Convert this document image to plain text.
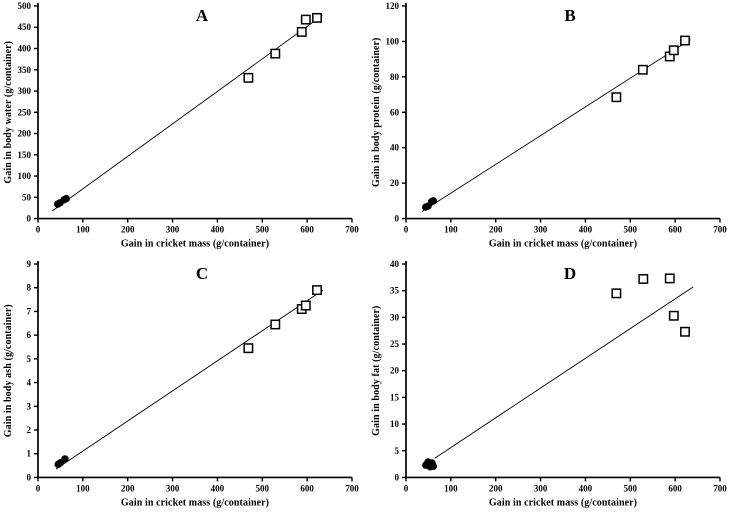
0	100	200	300	400	500	600	700
0
50
100
150
200
250
300
350
400
450
500	A
Gain in cricket mass (g/container)
Gain in body water (g/container)
0	100	200	300	400	500	600	700
0
20
40
60
80
100
120	B
Gain in cricket mass (g/container)
Gain in body protein (g/container)
0	100	200	300	400	500	600	700
0
1
2
3
4
5
6
7
8
9
C
Gain in cricket mass (g/container)
Gain in body ash (g/container)
0	100	200	300	400	500	600	700
0
5
10
15
20
25
30
35
40
D
Gain in cricket mass (g/container)
Gain in body fat (g/container)
